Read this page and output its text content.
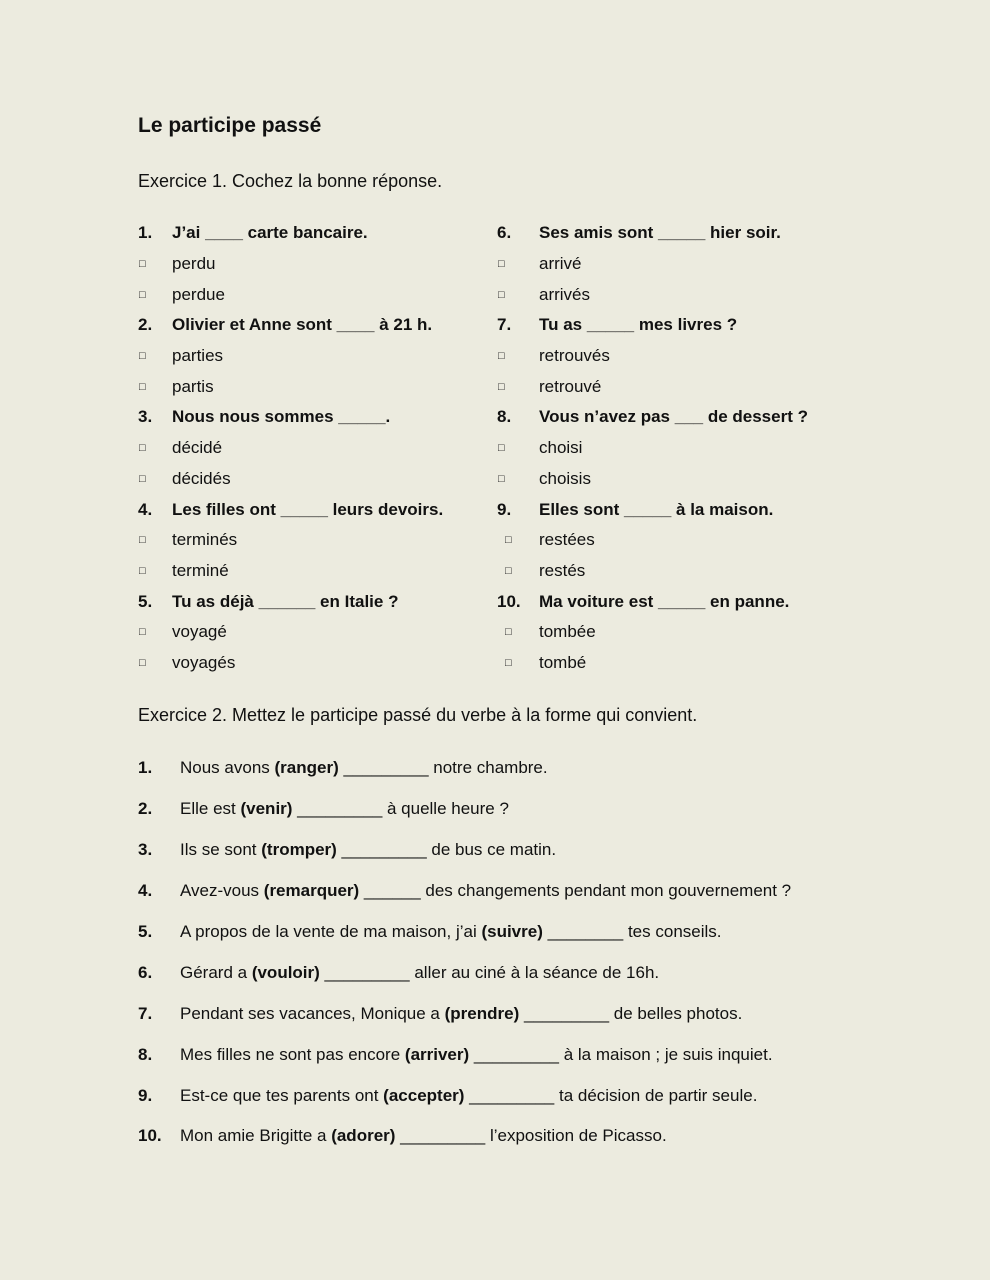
Le participe passé
Exercice 1. Cochez la bonne réponse.
1.	J’ai ____ carte bancaire.
□	perdu
□	perdue
2.	Olivier et Anne sont ____ à 21 h.
□	parties
□	partis
3.	Nous nous sommes _____.
□	décidé
□	décidés
4.	Les filles ont _____ leurs devoirs.
□	terminés
□	terminé
5.	Tu as déjà ______ en Italie ?
□	voyagé
□	voyagés
6.	Ses amis sont _____ hier soir.
□	arrivé
□	arrivés
7.	Tu as _____ mes livres ?
□	retrouvés
□	retrouvé
8.	Vous n’avez pas ___ de dessert ?
□	choisi
□	choisis
9.	Elles sont _____ à la maison.
□	restées
□	restés
10.	Ma voiture est _____ en panne.
□	tombée
□	tombé
Exercice 2. Mettez le participe passé du verbe à la forme qui convient.
1.	Nous avons (ranger) _________ notre chambre.
2.	Elle est (venir) _________ à quelle heure ?
3.	Ils se sont (tromper) _________ de bus ce matin.
4.	Avez-vous (remarquer) ______ des changements pendant mon gouvernement ?
5.	A propos de la vente de ma maison, j’ai (suivre) ________ tes conseils.
6.	Gérard a (vouloir) _________ aller au ciné à la séance de 16h.
7.	Pendant ses vacances, Monique a (prendre) _________ de belles photos.
8.	Mes filles ne sont pas encore (arriver) _________ à la maison ; je suis inquiet.
9.	Est-ce que tes parents ont (accepter) _________ ta décision de partir seule.
10.	Mon amie Brigitte a (adorer) _________ l’exposition de Picasso.
